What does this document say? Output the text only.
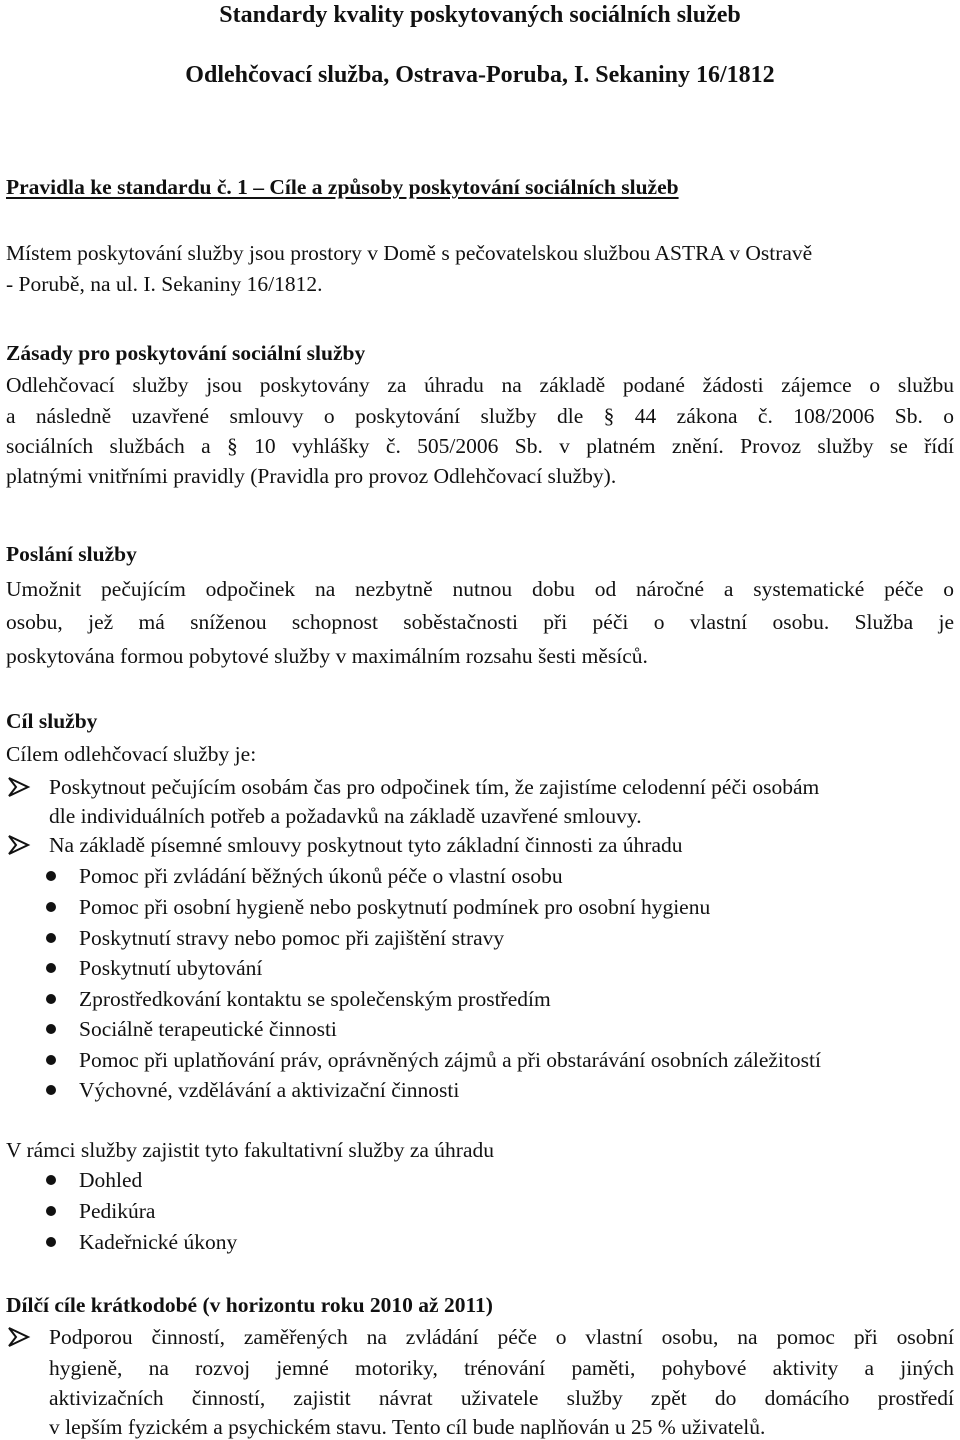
Standardy kvality poskytovaných sociálních služeb

Odlehčovací služba, Ostrava-Poruba, I. Sekaniny 16/1812

Pravidla ke standardu č. 1 – Cíle a způsoby poskytování sociálních služeb

Místem poskytování služby jsou prostory v Domě s pečovatelskou službou ASTRA v Ostravě

- Porubě, na ul. I. Sekaniny 16/1812.

Zásady pro poskytování sociální služby

Odlehčovací služby jsou poskytovány za úhradu na základě podané žádosti zájemce o službu

a následně uzavřené smlouvy o poskytování služby dle § 44 zákona č. 108/2006 Sb. o

sociálních službách a § 10 vyhlášky č. 505/2006 Sb. v platném znění. Provoz služby se řídí

platnými vnitřními pravidly (Pravidla pro provoz Odlehčovací služby).

Poslání služby

Umožnit pečujícím odpočinek na nezbytně nutnou dobu od náročné a systematické péče o

osobu, jež má sníženou schopnost soběstačnosti při péči o vlastní osobu. Služba je

poskytována formou pobytové služby v maximálním rozsahu šesti měsíců.

Cíl služby

Cílem odlehčovací služby je:

Poskytnout pečujícím osobám čas pro odpočinek tím, že zajistíme celodenní péči osobám

dle individuálních potřeb a požadavků na základě uzavřené smlouvy.

Na základě písemné smlouvy poskytnout tyto základní činnosti za úhradu
Pomoc při zvládání běžných úkonů péče o vlastní osobu
Pomoc při osobní hygieně nebo poskytnutí podmínek pro osobní hygienu
Poskytnutí stravy nebo pomoc při zajištění stravy
Poskytnutí ubytování
Zprostředkování kontaktu se společenským prostředím
Sociálně terapeutické činnosti
Pomoc při uplatňování práv, oprávněných zájmů a při obstarávání osobních záležitostí
Výchovné, vzdělávání a aktivizační činnosti

V rámci služby zajistit tyto fakultativní služby za úhradu

Dohled
Pedikúra
Kadeřnické úkony

Dílčí cíle krátkodobé (v horizontu roku 2010 až 2011)

Podporou činností, zaměřených na zvládání péče o vlastní osobu, na pomoc při osobní

hygieně, na rozvoj jemné motoriky, trénování paměti, pohybové aktivity a jiných

aktivizačních činností, zajistit návrat uživatele služby zpět do domácího prostředí

v lepším fyzickém a psychickém stavu. Tento cíl bude naplňován u 25 % uživatelů.
